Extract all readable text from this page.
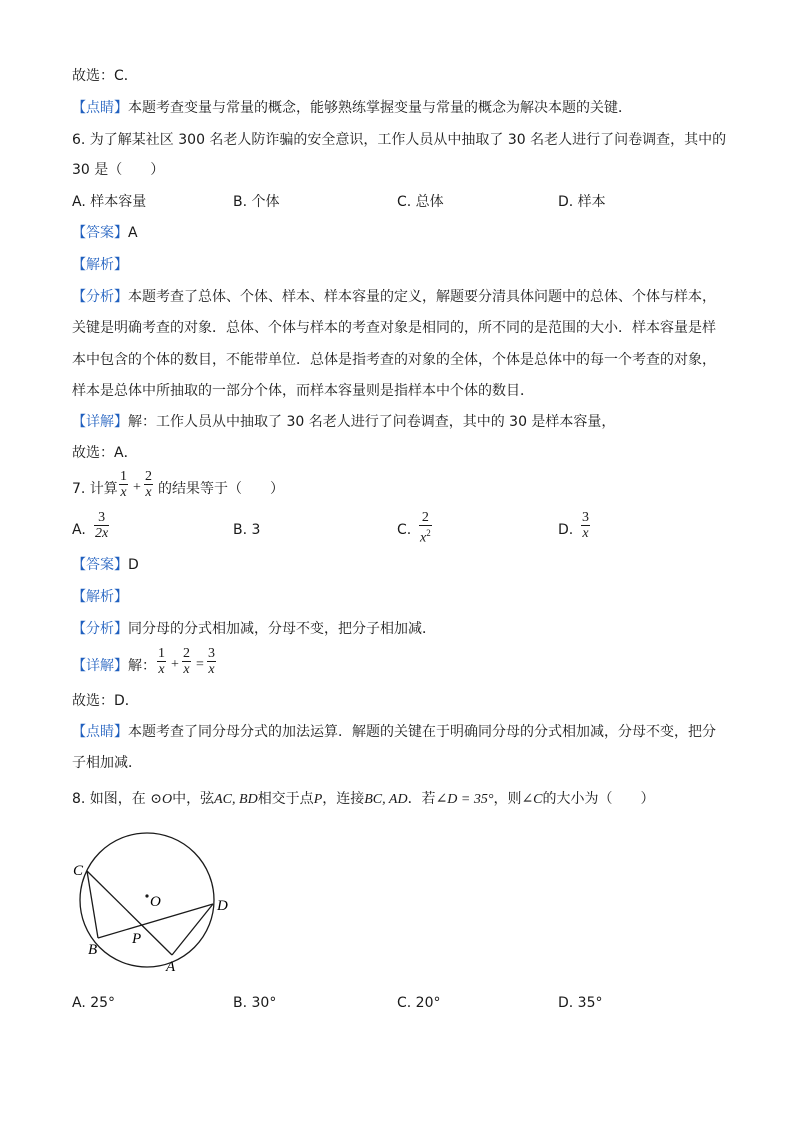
故选：C．
【点睛】本题考查变量与常量的概念，能够熟练掌握变量与常量的概念为解决本题的关键．
6. 为了解某社区 300 名老人防诈骗的安全意识，工作人员从中抽取了 30 名老人进行了问卷调查，其中的
30 是（　　）
A. 样本容量	B. 个体	C. 总体	D. 样本
【答案】A
【解析】
【分析】本题考查了总体、个体、样本、样本容量的定义，解题要分清具体问题中的总体、个体与样本，
关键是明确考查的对象．总体、个体与样本的考查对象是相同的，所不同的是范围的大小．样本容量是样
本中包含的个体的数目，不能带单位．总体是指考查的对象的全体，个体是总体中的每一个考查的对象，
样本是总体中所抽取的一部分个体，而样本容量则是指样本中个体的数目．
【详解】解：工作人员从中抽取了 30 名老人进行了问卷调查，其中的 30 是样本容量，
故选：A．
7. 计算 $\frac{1}{x} + \frac{2}{x}$ 的结果等于（　　）
A. $\frac{3}{2x}$	B. 3	C. $\frac{2}{x^2}$	D. $\frac{3}{x}$
【答案】D
【解析】
【分析】同分母的分式相加减，分母不变，把分子相加减．
【详解】解： $\frac{1}{x} + \frac{2}{x} = \frac{3}{x}$
故选：D．
【点睛】本题考查了同分母分式的加法运算．解题的关键在于明确同分母的分式相加减，分母不变，把分
子相加减．
8. 如图，在 ⊙O中，弦AC, BD相交于点P，连接BC, AD．若∠D = 35°，则∠C的大小为（　　）
C
O	D
P
B
A
A. 25°	B. 30°	C. 20°	D. 35°
